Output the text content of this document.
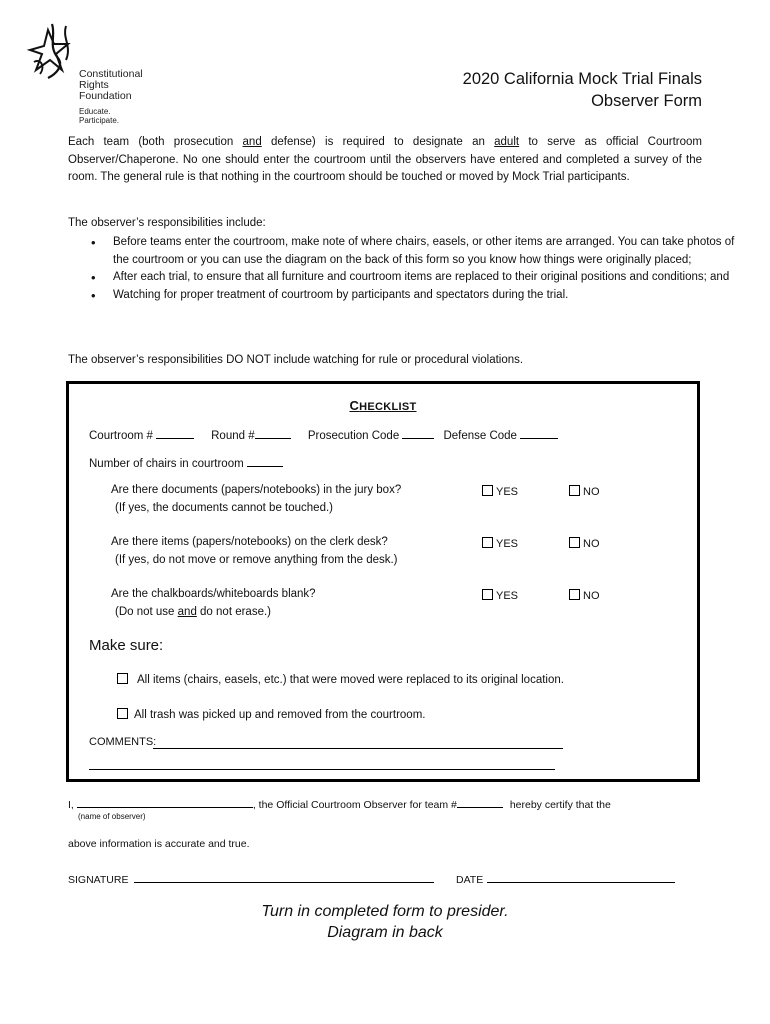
Constitutional
Rights
Foundation
Educate. Participate.
2020 California Mock Trial Finals
Observer Form
Each team (both prosecution and defense) is required to designate an adult to serve as official Courtroom Observer/Chaperone. No one should enter the courtroom until the observers have entered and completed a survey of the room. The general rule is that nothing in the courtroom should be touched or moved by Mock Trial participants.
The observer’s responsibilities include:
• Before teams enter the courtroom, make note of where chairs, easels, or other items are arranged. You can take photos of the courtroom or you can use the diagram on the back of this form so you know how things were originally placed;
• After each trial, to ensure that all furniture and courtroom items are replaced to their original positions and conditions; and
• Watching for proper treatment of courtroom by participants and spectators during the trial.
The observer’s responsibilities DO NOT include watching for rule or procedural violations.
CHECKLIST
Courtroom #	Round #	Prosecution Code	Defense Code
Number of chairs in courtroom
Are there documents (papers/notebooks) in the jury box?
(If yes, the documents cannot be touched.)
YES	NO
Are there items (papers/notebooks) on the clerk desk?
(If yes, do not move or remove anything from the desk.)
YES	NO
Are the chalkboards/whiteboards blank?
(Do not use and do not erase.)
YES	NO
Make sure:
All items (chairs, easels, etc.) that were moved were replaced to its original location.
All trash was picked up and removed from the courtroom.
COMMENTS:
I,	, the Official Courtroom Observer for team #	hereby certify that the
(name of observer)
above information is accurate and true.
SIGNATURE	DATE
Turn in completed form to presider.
Diagram in back
